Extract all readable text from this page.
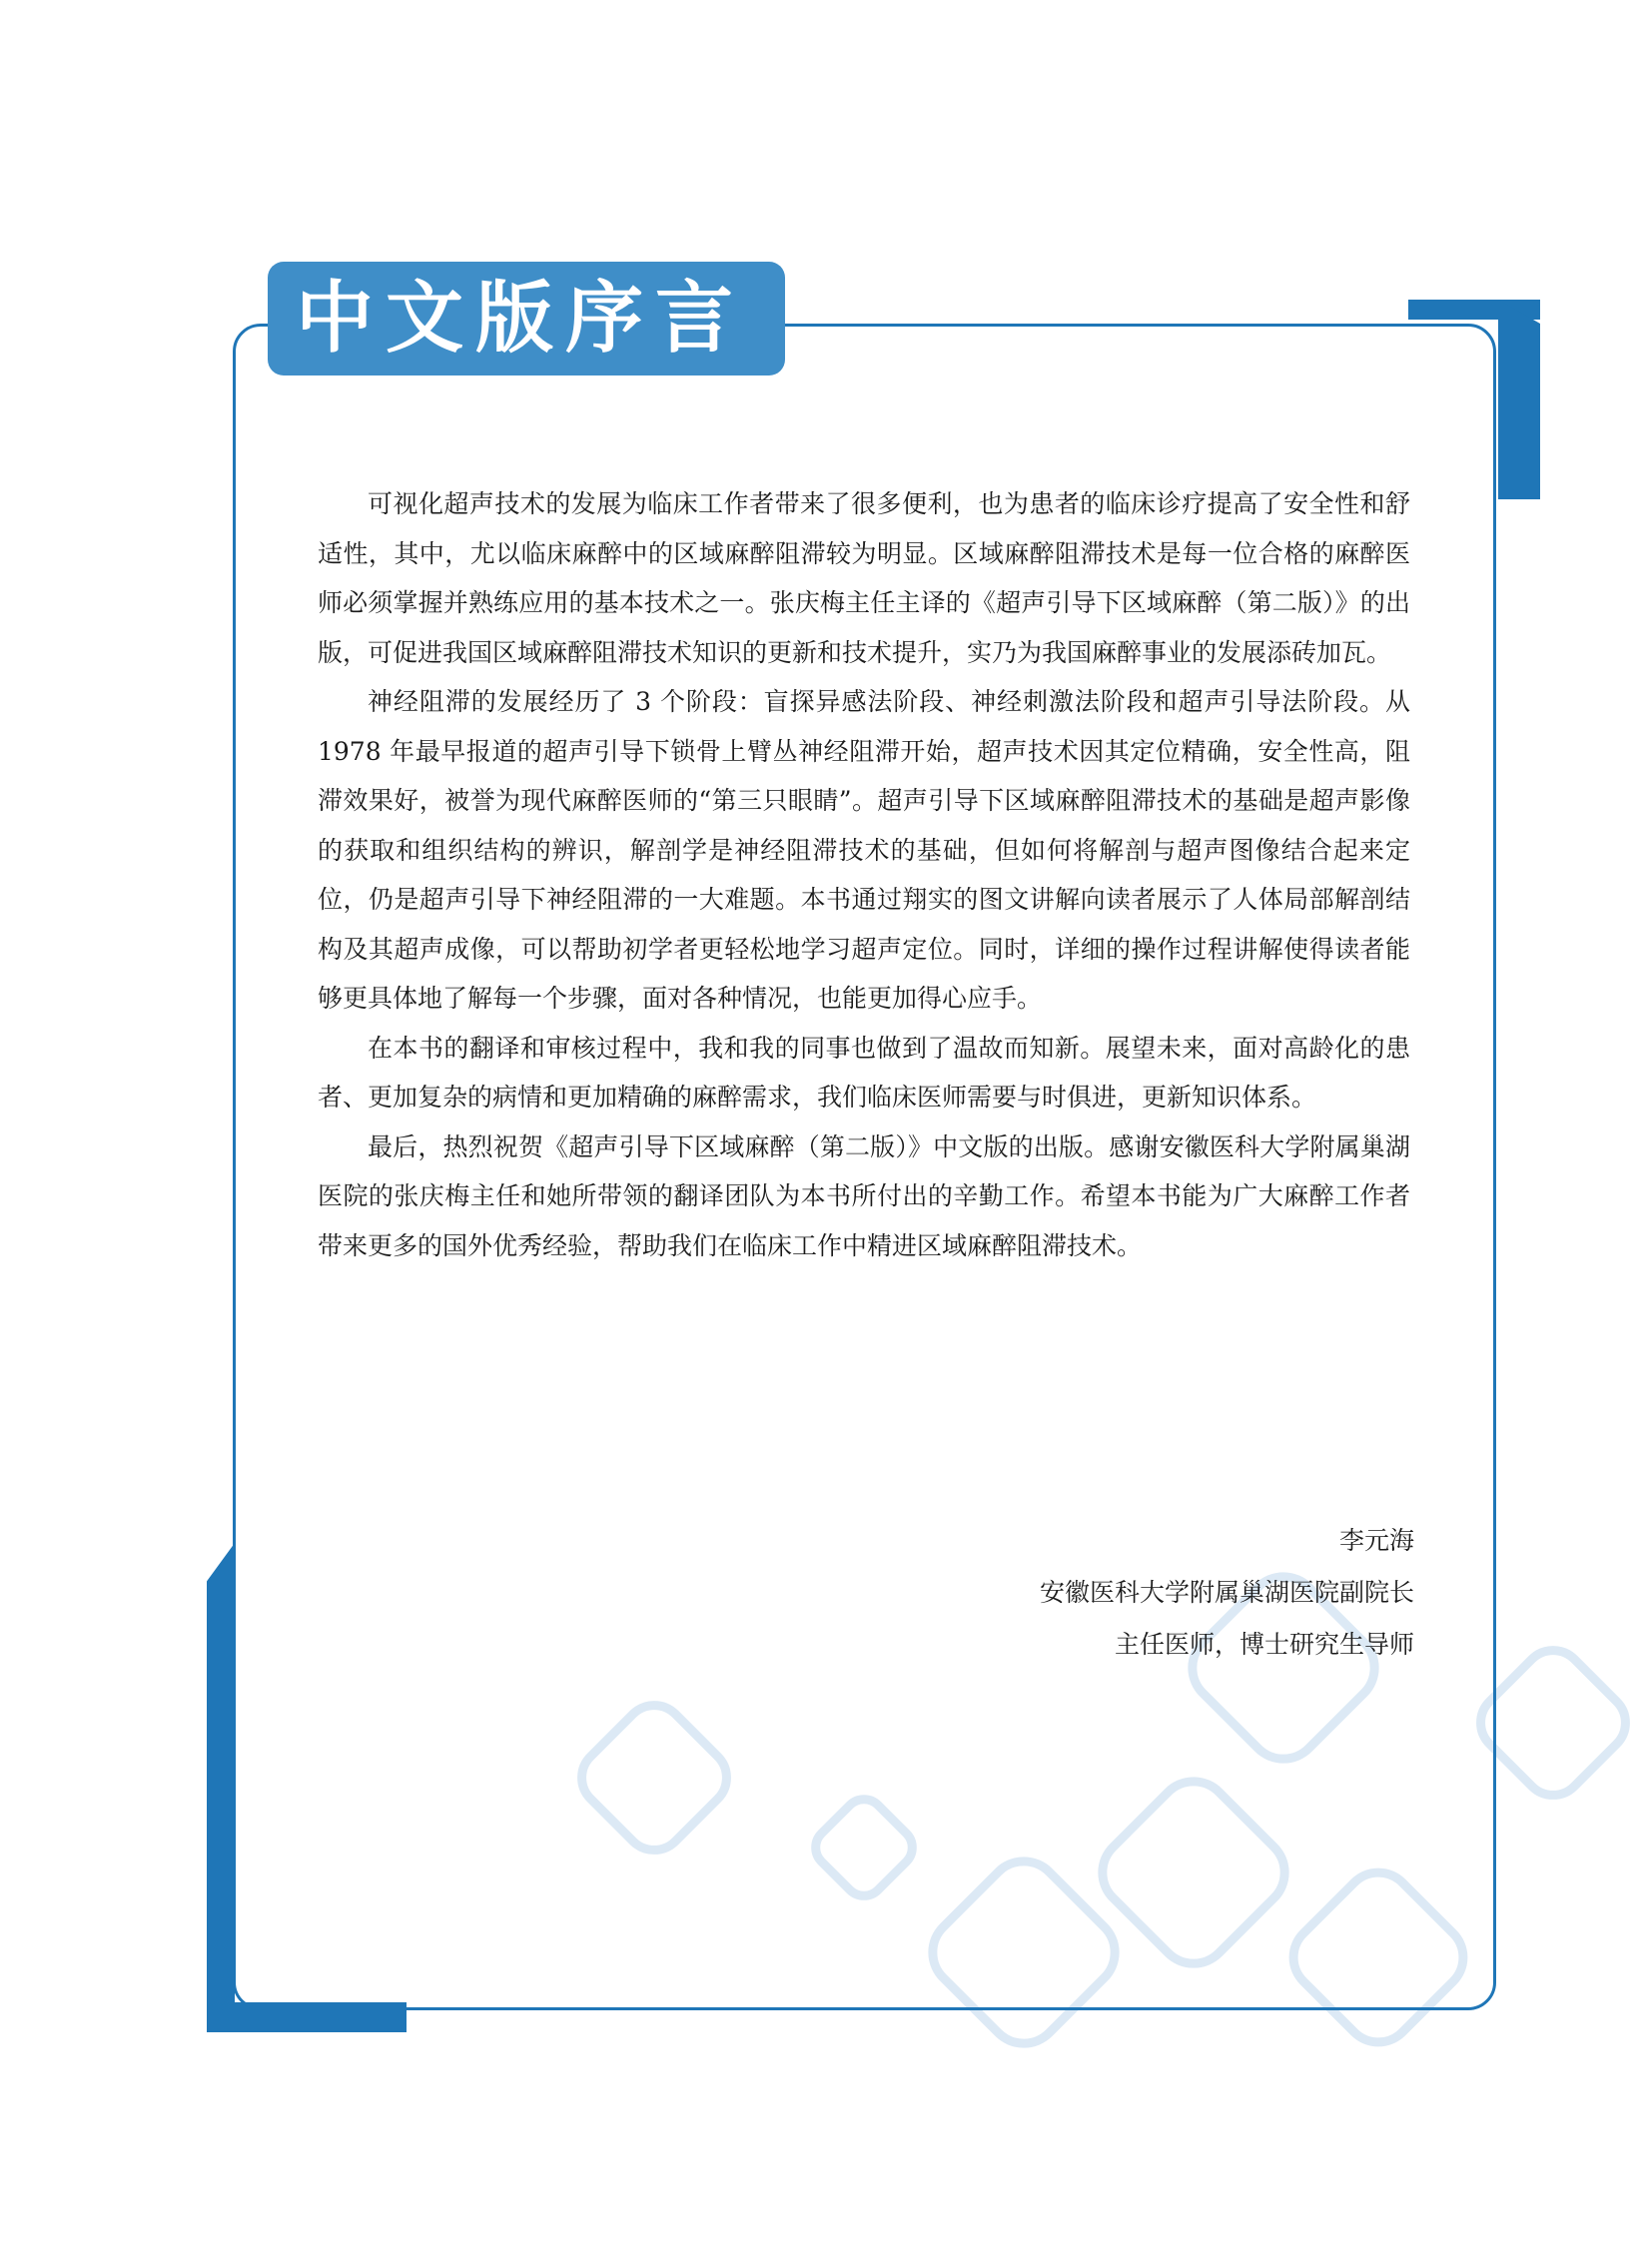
中文版序言

可视化超声技术的发展为临床工作者带来了很多便利，也为患者的临床诊疗提高了安全性和舒适性，其中，尤以临床麻醉中的区域麻醉阻滞较为明显。区域麻醉阻滞技术是每一位合格的麻醉医师必须掌握并熟练应用的基本技术之一。张庆梅主任主译的《超声引导下区域麻醉（第二版）》的出版，可促进我国区域麻醉阻滞技术知识的更新和技术提升，实乃为我国麻醉事业的发展添砖加瓦。

神经阻滞的发展经历了 3 个阶段：盲探异感法阶段、神经刺激法阶段和超声引导法阶段。从 1978 年最早报道的超声引导下锁骨上臂丛神经阻滞开始，超声技术因其定位精确，安全性高，阻滞效果好，被誉为现代麻醉医师的“第三只眼睛”。超声引导下区域麻醉阻滞技术的基础是超声影像的获取和组织结构的辨识，解剖学是神经阻滞技术的基础，但如何将解剖与超声图像结合起来定位，仍是超声引导下神经阻滞的一大难题。本书通过翔实的图文讲解向读者展示了人体局部解剖结构及其超声成像，可以帮助初学者更轻松地学习超声定位。同时，详细的操作过程讲解使得读者能够更具体地了解每一个步骤，面对各种情况，也能更加得心应手。

在本书的翻译和审核过程中，我和我的同事也做到了温故而知新。展望未来，面对高龄化的患者、更加复杂的病情和更加精确的麻醉需求，我们临床医师需要与时俱进，更新知识体系。

最后，热烈祝贺《超声引导下区域麻醉（第二版）》中文版的出版。感谢安徽医科大学附属巢湖医院的张庆梅主任和她所带领的翻译团队为本书所付出的辛勤工作。希望本书能为广大麻醉工作者带来更多的国外优秀经验，帮助我们在临床工作中精进区域麻醉阻滞技术。

李元海
安徽医科大学附属巢湖医院副院长
主任医师，博士研究生导师
